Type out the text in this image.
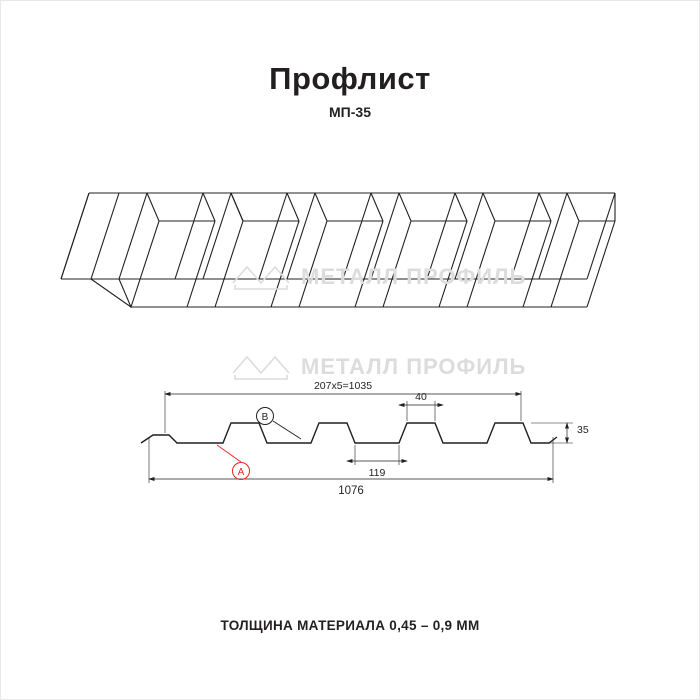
Профлист
МП-35
МЕТАЛЛ ПРОФИЛЬ
МЕТАЛЛ ПРОФИЛЬ
207х5=1035
1076
40
119
35
B
A
ТОЛЩИНА МАТЕРИАЛА 0,45 – 0,9 ММ
